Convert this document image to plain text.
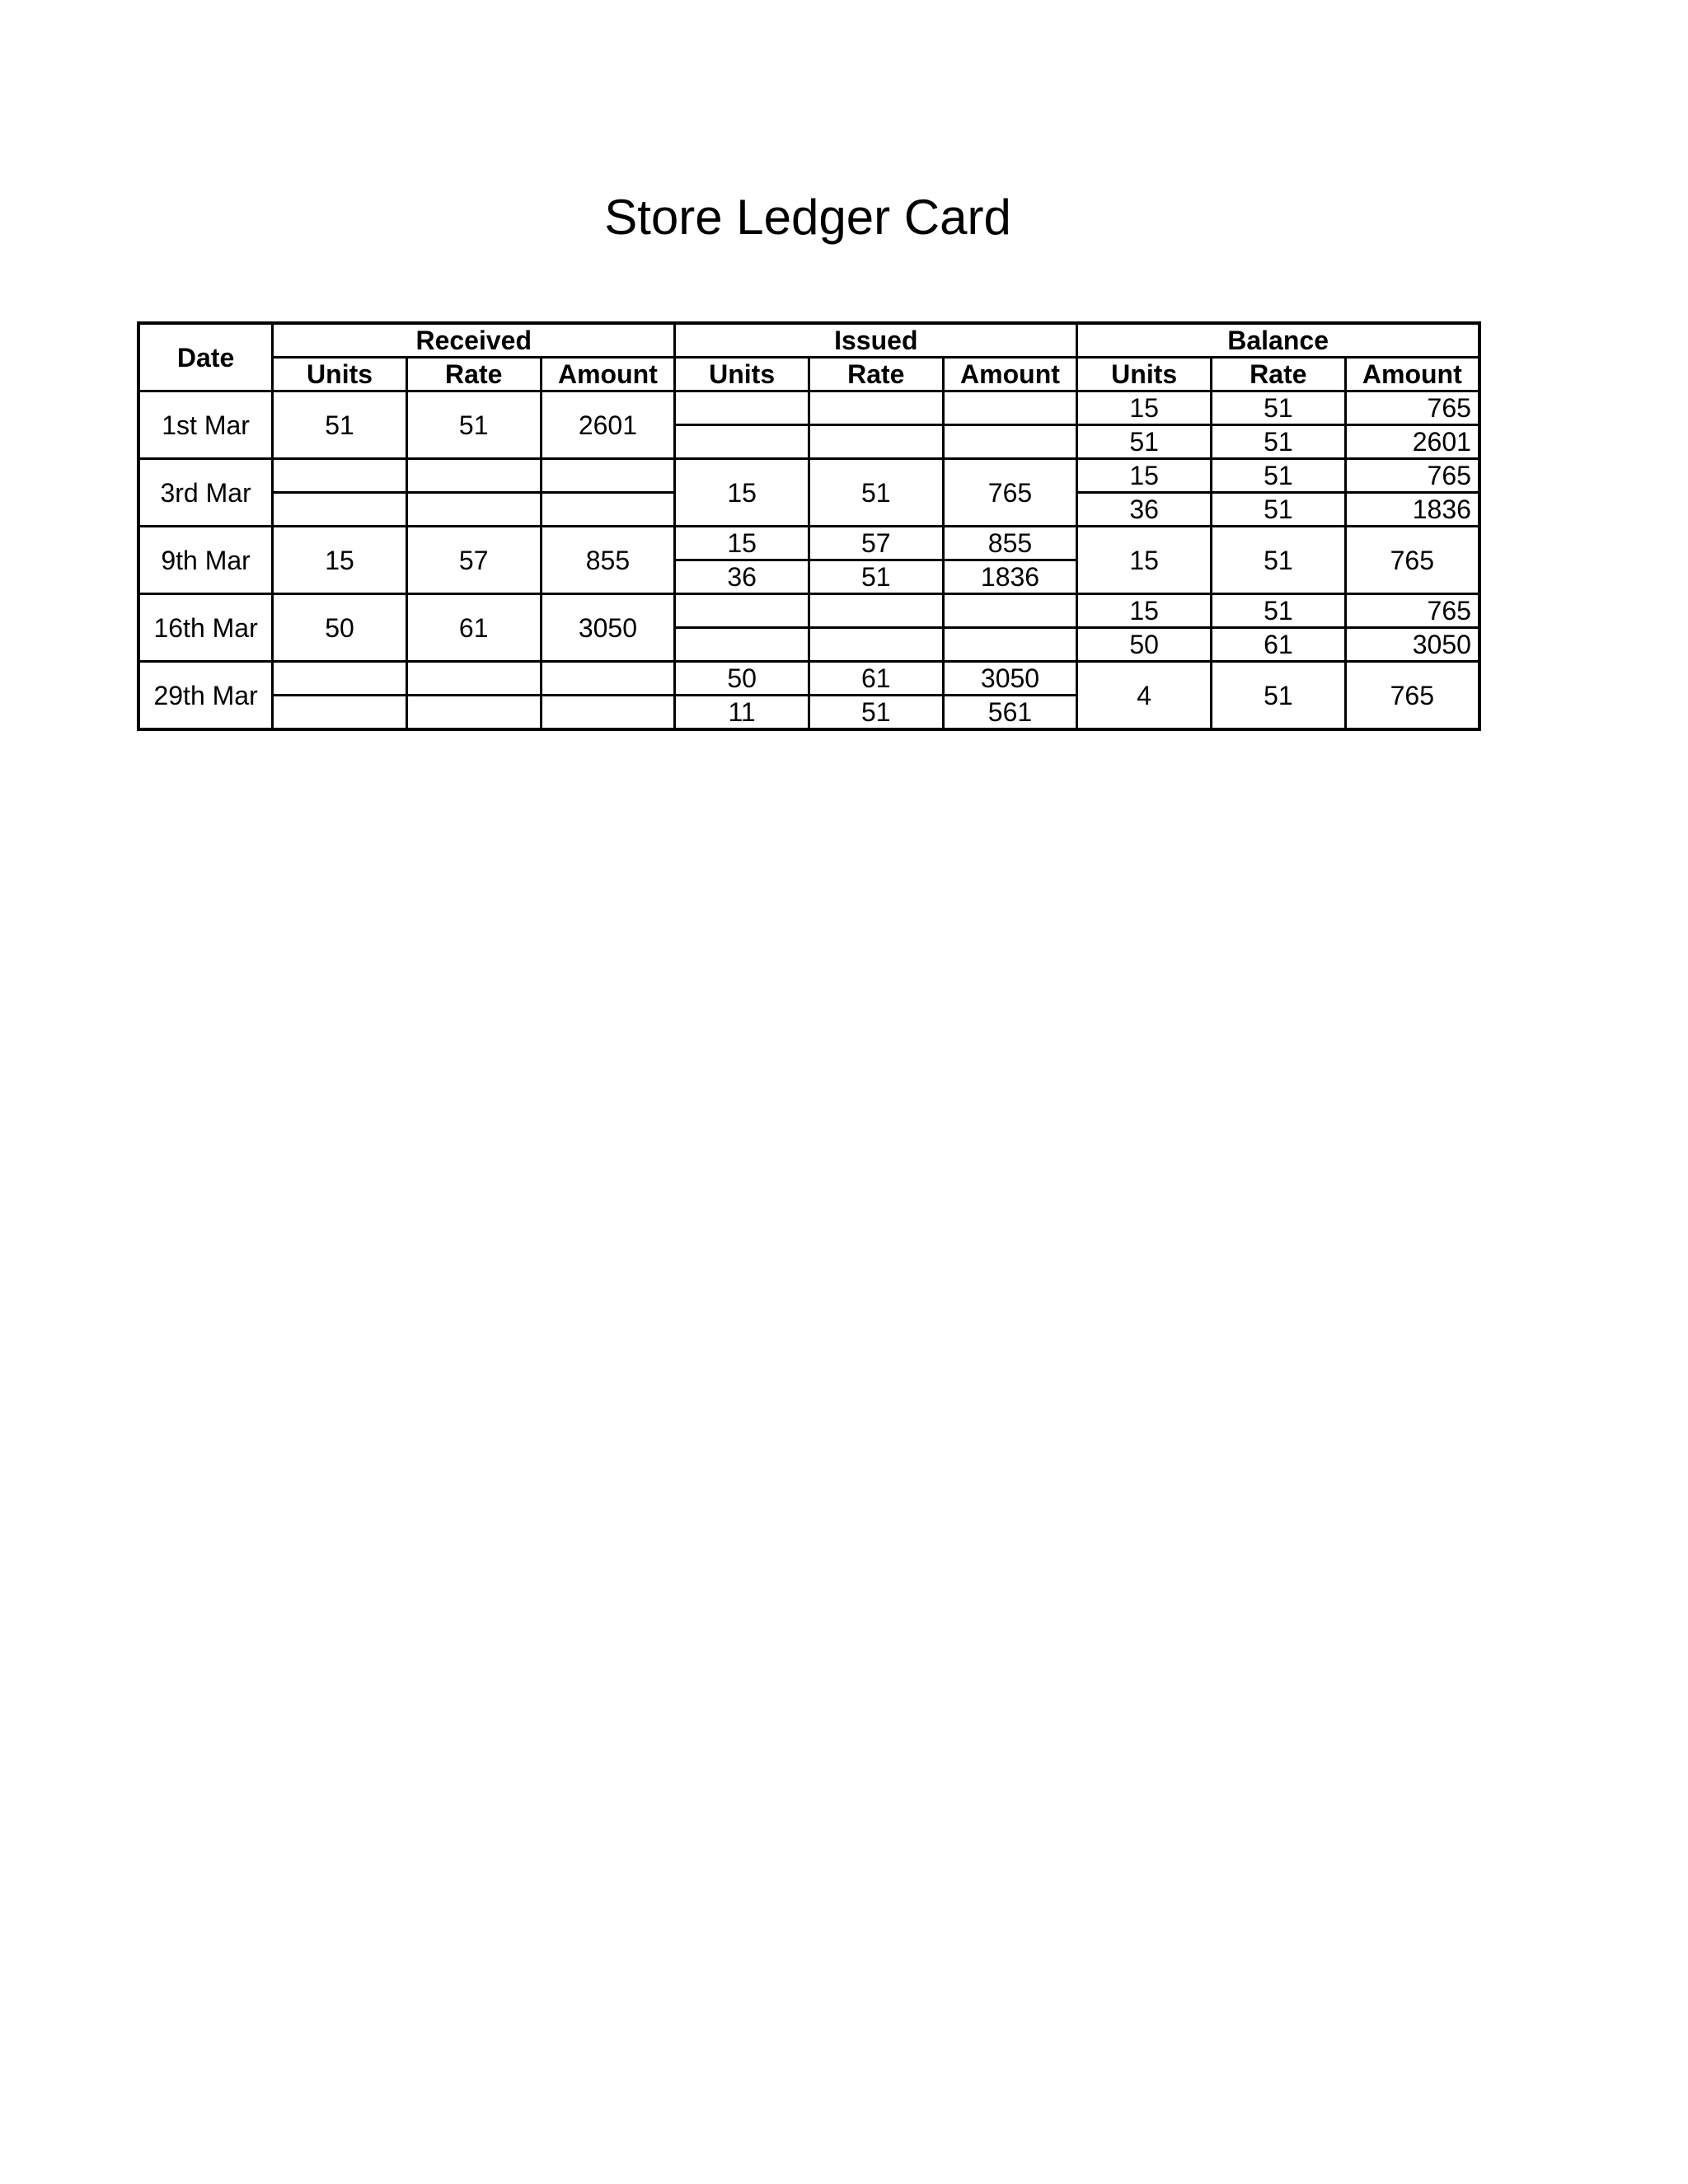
Store Ledger Card
Date	Received			Issued			Balance		
	Units	Rate	Amount	Units	Rate	Amount	Units	Rate	Amount
1st Mar	51	51	2601				15	51	765
							51	51	2601
3rd Mar				15	51	765	15	51	765
							36	51	1836
9th Mar	15	57	855	15	57	855	15	51	765
				36	51	1836			
16th Mar	50	61	3050				15	51	765
							50	61	3050
29th Mar				50	61	3050	4	51	765
				11	51	561			
